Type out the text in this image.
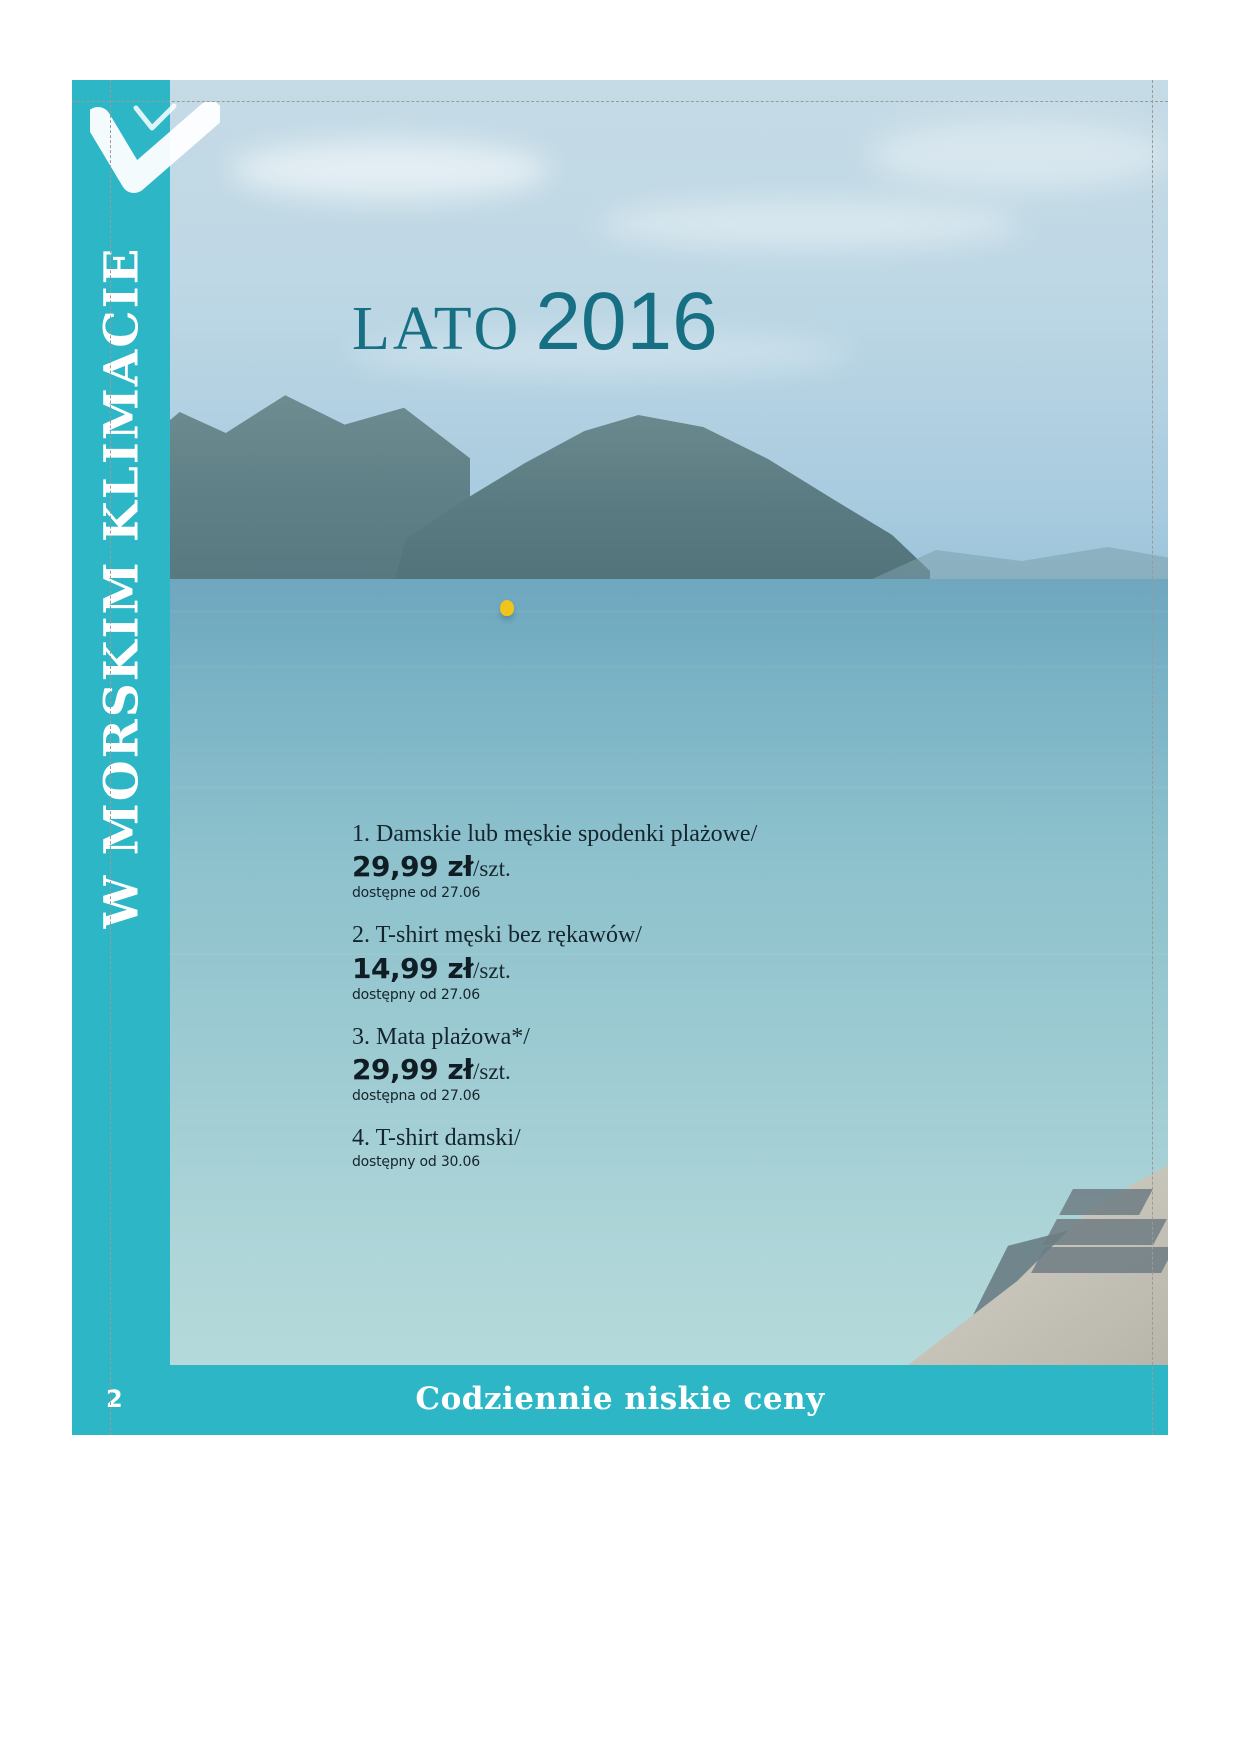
LATO 2016
1. Damskie lub męskie spodenki plażowe/
29,99 zł/szt.
dostępne od 27.06
2. T-shirt męski bez rękawów/
14,99 zł/szt.
dostępny od 27.06
3. Mata plażowa*/
29,99 zł/szt.
dostępna od 27.06
4. T-shirt damski/
dostępny od 30.06
W MORSKIM KLIMACIE
2	Codziennie niskie ceny
